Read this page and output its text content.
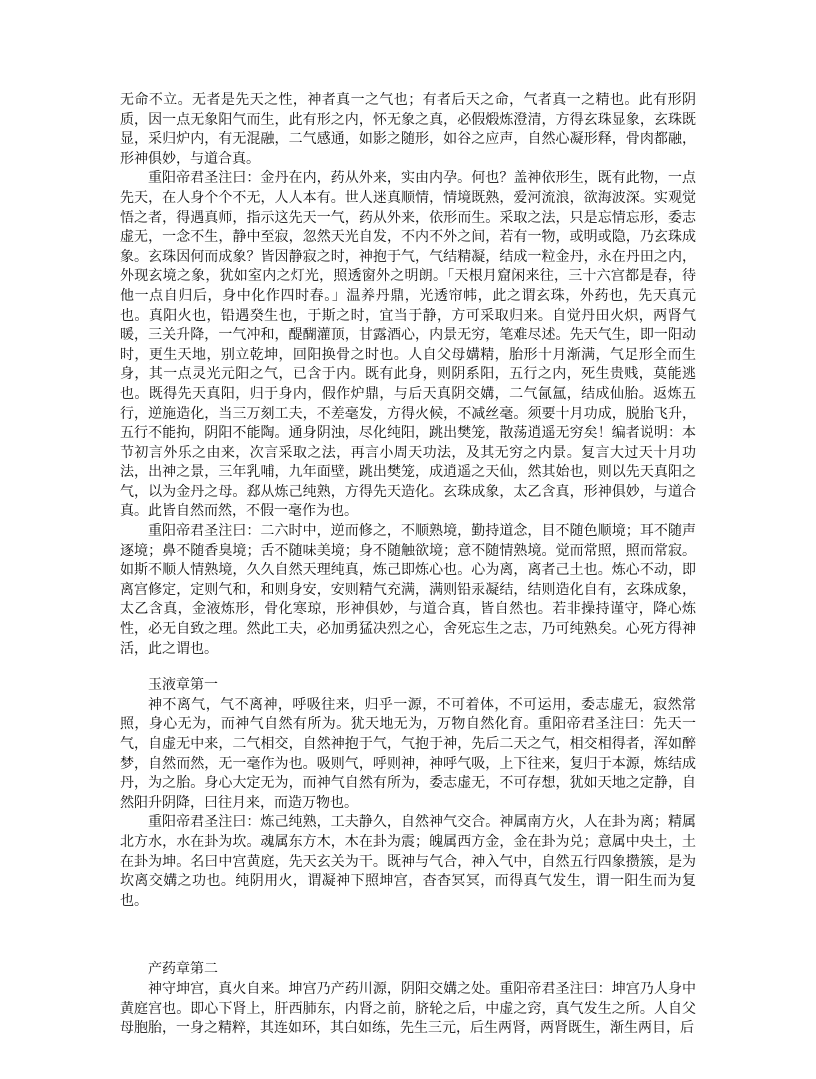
无命不立。无者是先天之性，神者真一之气也；有者后天之命，气者真一之精也。此有形阴质，因一点无象阳气而生，此有形之内，怀无象之真，必假煅炼澄清，方得玄珠显象，玄珠既显，采归炉内，有无混融，二气感通，如影之随形，如谷之应声，自然心凝形释，骨肉都融，形神俱妙，与道合真。

重阳帝君圣注曰：金丹在内，药从外来，实由内孕。何也？盖神依形生，既有此物，一点先天，在人身个个不无，人人本有。世人迷真顺情，情境既熟，爱河流浪，欲海波深。实观觉悟之者，得遇真师，指示这先天一气，药从外来，依形而生。采取之法，只是忘情忘形，委志虚无，一念不生，静中至寂，忽然天光自发，不内不外之间，若有一物，或明或隐，乃玄珠成象。玄珠因何而成象？皆因静寂之时，神抱于气，气结精凝，结成一粒金丹，永在丹田之内，外现玄境之象，犹如室内之灯光，照透窗外之明朗。「天根月窟闲来往，三十六宫都是春，待他一点自归后，身中化作四时春。」温养丹鼎，光透帘帏，此之谓玄珠，外药也，先天真元也。真阳火也，铅遇癸生也，于斯之时，宜当于静，方可采取归来。自觉丹田火炽，两肾气暖，三关升降，一气冲和，醍醐灌顶，甘露酒心，内景无穷，笔难尽述。先天气生，即一阳动时，更生天地，别立乾坤，回阳换骨之时也。人自父母媾精，胎形十月渐满，气足形全而生身，其一点灵光元阳之气，已含于内。既有此身，则阴系阳，五行之内，死生贵贱，莫能逃也。既得先天真阳，归于身内，假作炉鼎，与后天真阴交媾，二气氤氲，结成仙胎。返炼五行，逆施造化，当三万刻工夫，不差毫发，方得火候，不减丝毫。须要十月功成，脱胎飞升，五行不能拘，阴阳不能陶。通身阴浊，尽化纯阳，跳出樊笼，散荡逍遥无穷矣！编者说明：本节初言外乐之由来，次言采取之法，再言小周天功法，及其无穷之内景。复言大过天十月功法，出神之景，三年乳哺，九年面壁，跳出樊笼，成逍遥之天仙，然其始也，则以先天真阳之气，以为金丹之母。郄从炼己纯熟，方得先天造化。玄珠成象，太乙含真，形神俱妙，与道合真。此皆自然而然，不假一毫作为也。

重阳帝君圣注曰：二六时中，逆而修之，不顺熟境，勤持道念，目不随色顺境；耳不随声逐境；鼻不随香臭境；舌不随味美境；身不随触欲境；意不随情熟境。觉而常照，照而常寂。如斯不顺人情熟境，久久自然天理纯真，炼己即炼心也。心为离，离者己土也。炼心不动，即离宫修定，定则气和，和则身安，安则精气充满，满则铅汞凝结，结则造化自有，玄珠成象，太乙含真，金液炼形，骨化寒琼，形神俱妙，与道合真，皆自然也。若非操持谨守，降心炼性，必无自致之理。然此工夫，必加勇猛决烈之心，舍死忘生之志，乃可纯熟矣。心死方得神活，此之谓也。

玉液章第一

神不离气，气不离神，呼吸往来，归乎一源，不可着体，不可运用，委志虚无，寂然常照，身心无为，而神气自然有所为。犹天地无为，万物自然化育。重阳帝君圣注曰：先天一气，自虚无中来，二气相交，自然神抱于气，气抱于神，先后二天之气，相交相得者，浑如醉梦，自然而然，无一毫作为也。吸则气，呼则神，神呼气吸，上下往来，复归于本源，炼结成丹，为之胎。身心大定无为，而神气自然有所为，委志虚无，不可存想，犹如天地之定静，自然阳升阴降，曰往月来，而造万物也。

重阳帝君圣注曰：炼己纯熟，工夫静久，自然神气交合。神属南方火，人在卦为离；精属北方水，水在卦为坎。魂属东方木，木在卦为震；魄属西方金，金在卦为兑；意属中央土，土在卦为坤。名曰中宫黄庭，先天玄关为干。既神与气合，神入气中，自然五行四象攒簇，是为坎离交媾之功也。纯阴用火，谓凝神下照坤宫，杳杳冥冥，而得真气发生，谓一阳生而为复也。

产药章第二

神守坤宫，真火自来。坤宫乃产药川源，阴阳交媾之处。重阳帝君圣注曰：坤宫乃人身中黄庭宫也。即心下肾上，肝西肺东，内肾之前，脐轮之后，中虚之窍，真气发生之所。人自父母胞胎，一身之精粹，其连如环，其白如练，先生三元，后生两肾，两肾既生，渐生两目，后
